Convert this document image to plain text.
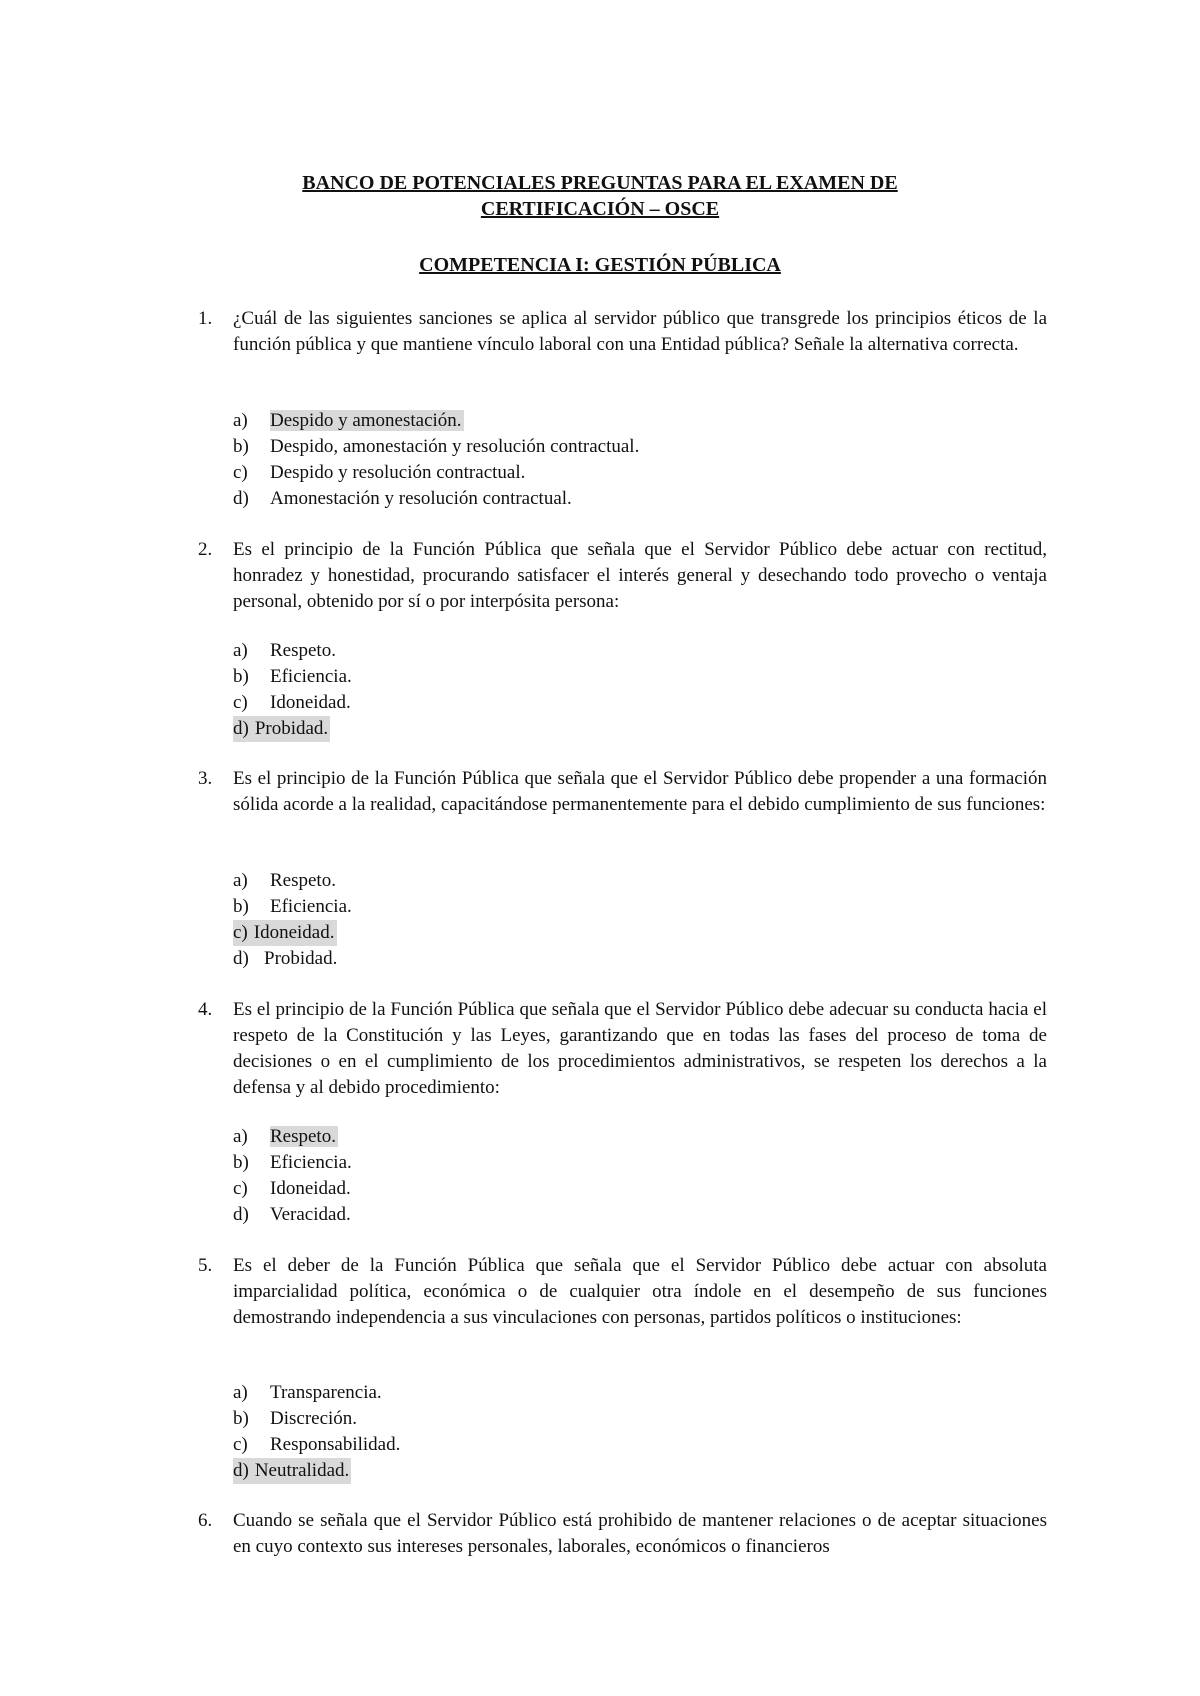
BANCO DE POTENCIALES PREGUNTAS PARA EL EXAMEN DE
CERTIFICACIÓN – OSCE
COMPETENCIA I: GESTIÓN PÚBLICA
1. ¿Cuál de las siguientes sanciones se aplica al servidor público que transgrede los principios éticos de la función pública y que mantiene vínculo laboral con una Entidad pública? Señale la alternativa correcta.
a) Despido y amonestación.
b) Despido, amonestación y resolución contractual.
c) Despido y resolución contractual.
d) Amonestación y resolución contractual.
2. Es el principio de la Función Pública que señala que el Servidor Público debe actuar con rectitud, honradez y honestidad, procurando satisfacer el interés general y desechando todo provecho o ventaja personal, obtenido por sí o por interpósita persona:
a) Respeto.
b) Eficiencia.
c) Idoneidad.
d) Probidad.
3. Es el principio de la Función Pública que señala que el Servidor Público debe propender a una formación sólida acorde a la realidad, capacitándose permanentemente para el debido cumplimiento de sus funciones:
a) Respeto.
b) Eficiencia.
c) Idoneidad.
d) Probidad.
4. Es el principio de la Función Pública que señala que el Servidor Público debe adecuar su conducta hacia el respeto de la Constitución y las Leyes, garantizando que en todas las fases del proceso de toma de decisiones o en el cumplimiento de los procedimientos administrativos, se respeten los derechos a la defensa y al debido procedimiento:
a) Respeto.
b) Eficiencia.
c) Idoneidad.
d) Veracidad.
5. Es el deber de la Función Pública que señala que el Servidor Público debe actuar con absoluta imparcialidad política, económica o de cualquier otra índole en el desempeño de sus funciones demostrando independencia a sus vinculaciones con personas, partidos políticos o instituciones:
a) Transparencia.
b) Discreción.
c) Responsabilidad.
d) Neutralidad.
6. Cuando se señala que el Servidor Público está prohibido de mantener relaciones o de aceptar situaciones en cuyo contexto sus intereses personales, laborales, económicos o financieros
